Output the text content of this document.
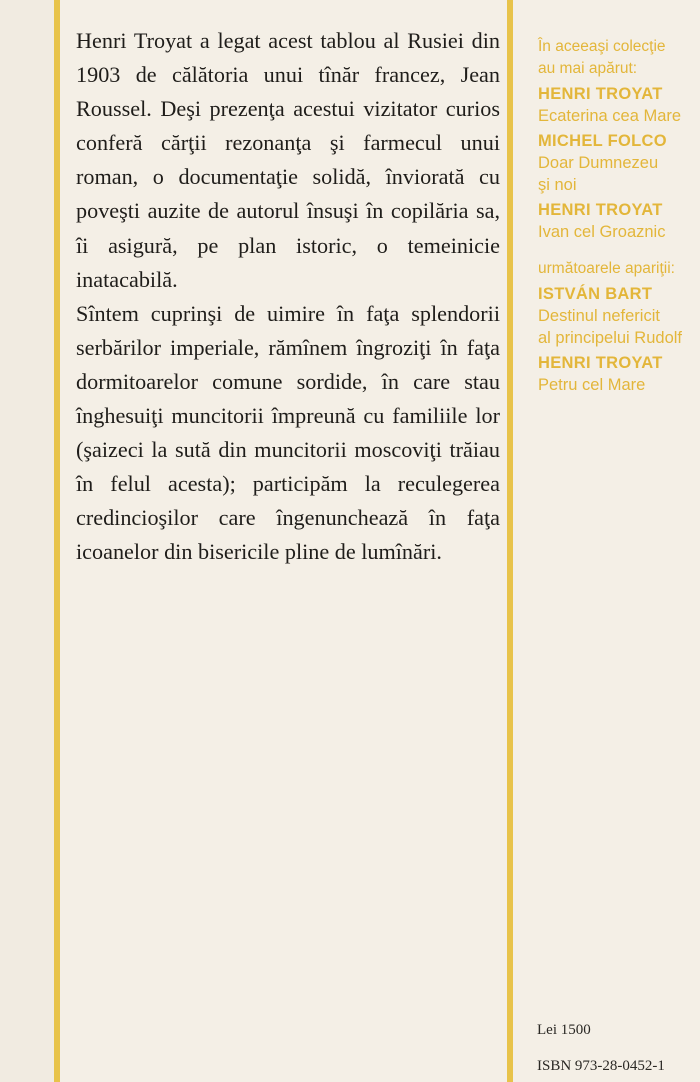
Henri Troyat a legat acest tablou al Rusiei din 1903 de călătoria unui tînăr francez, Jean Roussel. Deşi prezenţa acestui vizitator curios conferă cărţii rezonanţa şi farmecul unui roman, o documentaţie solidă, înviorată cu poveşti auzite de autorul însuşi în copilăria sa, îi asigură, pe plan istoric, o temeinicie inatacabilă.

Sîntem cuprinşi de uimire în faţa splendorii serbărilor imperiale, rămînem îngroziţi în faţa dormitoarelor comune sordide, în care stau înghesuiţi muncitorii împreună cu familiile lor (şaizeci la sută din muncitorii moscoviţi trăiau în felul acesta); participăm la reculegerea credincioşilor care îngenunchează în faţa icoanelor din bisericile pline de lumînări.

În aceeaşi colecţie
au mai apărut:
HENRI TROYAT
Ecaterina cea Mare
MICHEL FOLCO
Doar Dumnezeu
şi noi
HENRI TROYAT
Ivan cel Groaznic
următoarele apariţii:
ISTVÁN BART
Destinul nefericit
al principelui Rudolf
HENRI TROYAT
Petru cel Mare
Lei 1500
ISBN 973-28-0452-1
